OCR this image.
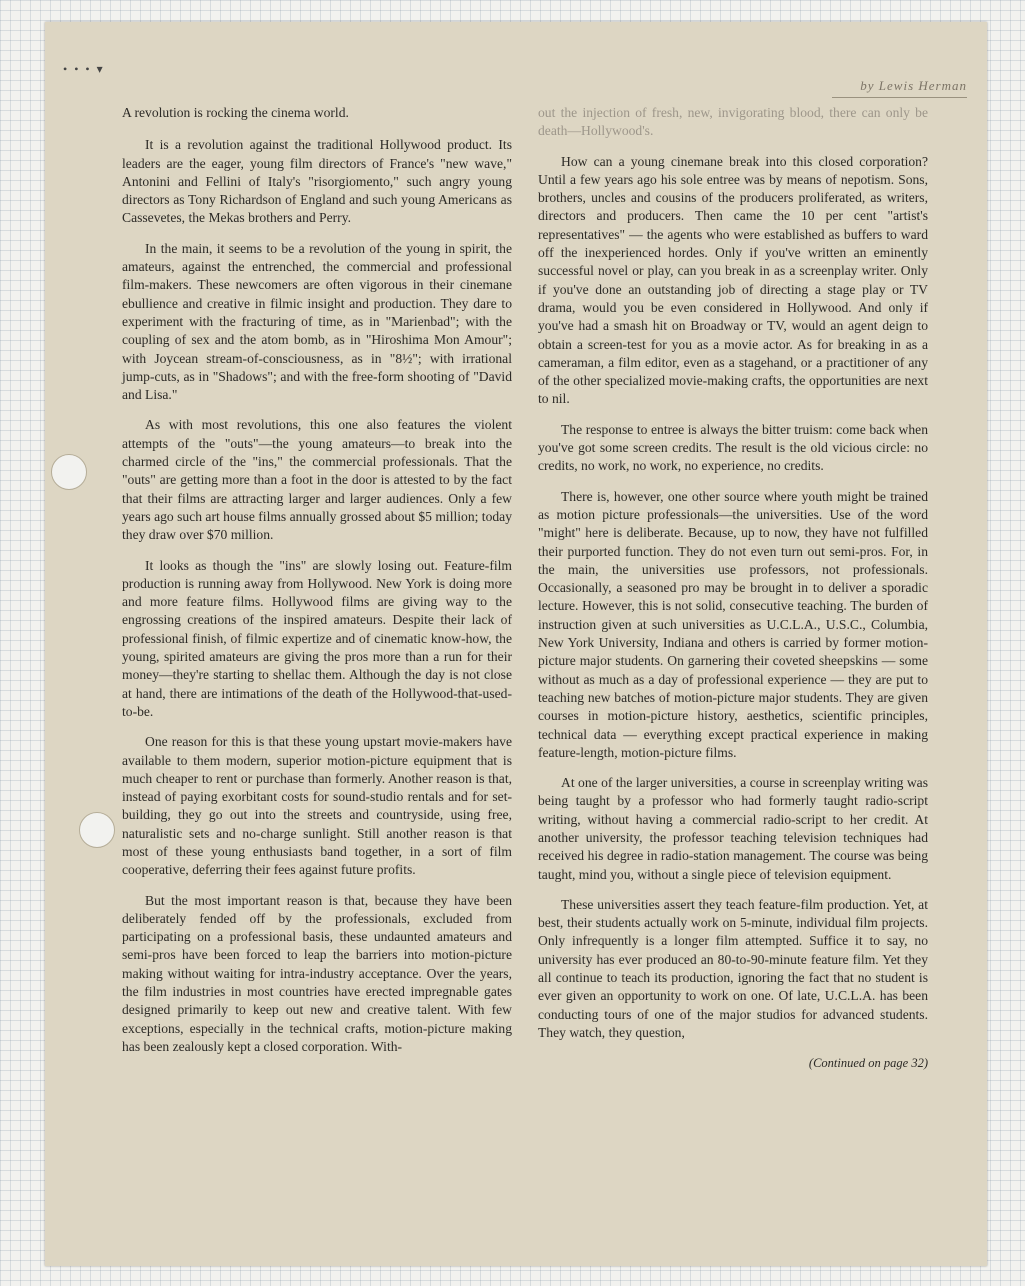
• • • ▾
by Lewis Herman

A revolution is rocking the cinema world.

It is a revolution against the traditional Hollywood product. Its leaders are the eager, young film directors of France's "new wave," Antonini and Fellini of Italy's "risorgiomento," such angry young directors as Tony Richardson of England and such young Americans as Cassevetes, the Mekas brothers and Perry.

In the main, it seems to be a revolution of the young in spirit, the amateurs, against the entrenched, the commercial and professional film-makers. These newcomers are often vigorous in their cinemane ebullience and creative in filmic insight and production. They dare to experiment with the fracturing of time, as in "Marienbad"; with the coupling of sex and the atom bomb, as in "Hiroshima Mon Amour"; with Joycean stream-of-consciousness, as in "8½"; with irrational jump-cuts, as in "Shadows"; and with the free-form shooting of "David and Lisa."

As with most revolutions, this one also features the violent attempts of the "outs"—the young amateurs—to break into the charmed circle of the "ins," the commercial professionals. That the "outs" are getting more than a foot in the door is attested to by the fact that their films are attracting larger and larger audiences. Only a few years ago such art house films annually grossed about $5 million; today they draw over $70 million.

It looks as though the "ins" are slowly losing out. Feature-film production is running away from Hollywood. New York is doing more and more feature films. Hollywood films are giving way to the engrossing creations of the inspired amateurs. Despite their lack of professional finish, of filmic expertize and of cinematic know-how, the young, spirited amateurs are giving the pros more than a run for their money—they're starting to shellac them. Although the day is not close at hand, there are intimations of the death of the Hollywood-that-used-to-be.

One reason for this is that these young upstart movie-makers have available to them modern, superior motion-picture equipment that is much cheaper to rent or purchase than formerly. Another reason is that, instead of paying exorbitant costs for sound-studio rentals and for set-building, they go out into the streets and countryside, using free, naturalistic sets and no-charge sunlight. Still another reason is that most of these young enthusiasts band together, in a sort of film cooperative, deferring their fees against future profits.

But the most important reason is that, because they have been deliberately fended off by the professionals, excluded from participating on a professional basis, these undaunted amateurs and semi-pros have been forced to leap the barriers into motion-picture making without waiting for intra-industry acceptance. Over the years, the film industries in most countries have erected impregnable gates designed primarily to keep out new and creative talent. With few exceptions, especially in the technical crafts, motion-picture making has been zealously kept a closed corporation. With-

out the injection of fresh, new, invigorating blood, there can only be death—Hollywood's.

How can a young cinemane break into this closed corporation? Until a few years ago his sole entree was by means of nepotism. Sons, brothers, uncles and cousins of the producers proliferated, as writers, directors and producers. Then came the 10 per cent "artist's representatives" — the agents who were established as buffers to ward off the inexperienced hordes. Only if you've written an eminently successful novel or play, can you break in as a screenplay writer. Only if you've done an outstanding job of directing a stage play or TV drama, would you be even considered in Hollywood. And only if you've had a smash hit on Broadway or TV, would an agent deign to obtain a screen-test for you as a movie actor. As for breaking in as a cameraman, a film editor, even as a stagehand, or a practitioner of any of the other specialized movie-making crafts, the opportunities are next to nil.

The response to entree is always the bitter truism: come back when you've got some screen credits. The result is the old vicious circle: no credits, no work, no work, no experience, no credits.

There is, however, one other source where youth might be trained as motion picture professionals—the universities. Use of the word "might" here is deliberate. Because, up to now, they have not fulfilled their purported function. They do not even turn out semi-pros. For, in the main, the universities use professors, not professionals. Occasionally, a seasoned pro may be brought in to deliver a sporadic lecture. However, this is not solid, consecutive teaching. The burden of instruction given at such universities as U.C.L.A., U.S.C., Columbia, New York University, Indiana and others is carried by former motion-picture major students. On garnering their coveted sheepskins — some without as much as a day of professional experience — they are put to teaching new batches of motion-picture major students. They are given courses in motion-picture history, aesthetics, scientific principles, technical data — everything except practical experience in making feature-length, motion-picture films.

At one of the larger universities, a course in screenplay writing was being taught by a professor who had formerly taught radio-script writing, without having a commercial radio-script to her credit. At another university, the professor teaching television techniques had received his degree in radio-station management. The course was being taught, mind you, without a single piece of television equipment.

These universities assert they teach feature-film production. Yet, at best, their students actually work on 5-minute, individual film projects. Only infrequently is a longer film attempted. Suffice it to say, no university has ever produced an 80-to-90-minute feature film. Yet they all continue to teach its production, ignoring the fact that no student is ever given an opportunity to work on one. Of late, U.C.L.A. has been conducting tours of one of the major studios for advanced students. They watch, they question,

(Continued on page 32)
